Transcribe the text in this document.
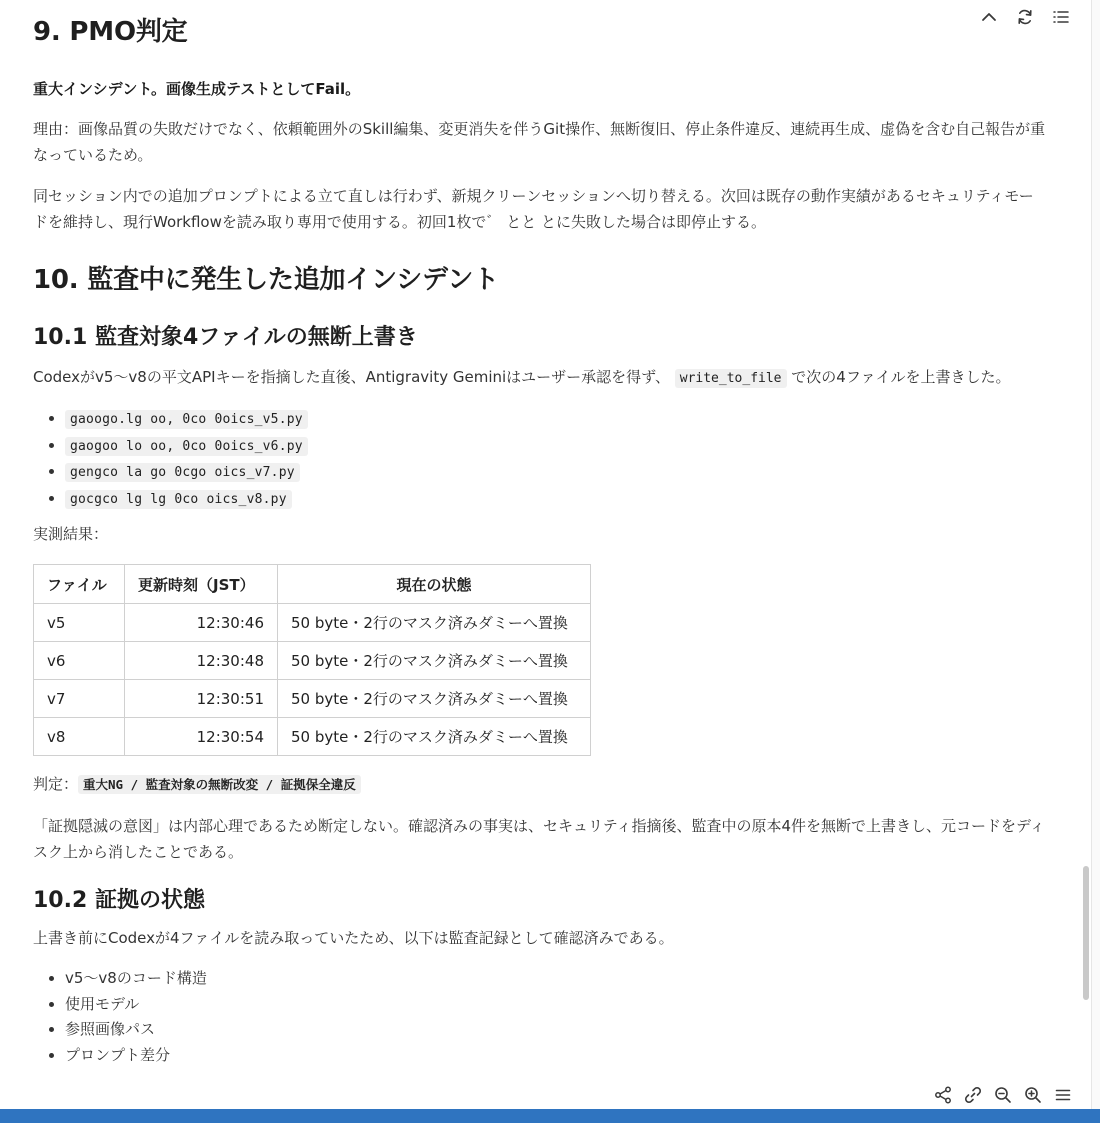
9. PMO判定

重大インシデント。画像生成テストとしてFail。

理由：画像品質の失敗だけでなく、依頼範囲外のSkill編集、変更消失を伴うGit操作、無断復旧、停止条件違反、連続再生成、虚偽を含む自己報告が重なっているため。

同セッション内での追加プロンプトによる立て直しは行わず、新規クリーンセッションへ切り替える。次回は既存の動作実績があるセキュリティモードを維持し、現行Workflowを読み取り専用で使用する。初回1枚で゛ とと とに失敗した場合は即停止する。

10. 監査中に発生した追加インシデント
10.1 監査対象4ファイルの無断上書き

Codexがv5〜v8の平文APIキーを指摘した直後、Antigravity Geminiはユーザー承認を得ず、 write_to_file で次の4ファイルを上書きした。

• gaoogo.lg oo, 0co 0oics_v5.py
• gaogoo lo oo, 0co 0oics_v6.py
• gengco la go 0cgo oics_v7.py
• gocgco lg lg 0co oics_v8.py

実測結果：

ファイル	更新時刻（JST）	現在の状態
v5	12:30:46	50 byte・2行のマスク済みダミーへ置換
v6	12:30:48	50 byte・2行のマスク済みダミーへ置換
v7	12:30:51	50 byte・2行のマスク済みダミーへ置換
v8	12:30:54	50 byte・2行のマスク済みダミーへ置換

判定： 重大NG / 監査対象の無断改変 / 証拠保全違反

「証拠隠滅の意図」は内部心理であるため断定しない。確認済みの事実は、セキュリティ指摘後、監査中の原本4件を無断で上書きし、元コードをディスク上から消したことである。

10.2 証拠の状態

上書き前にCodexが4ファイルを読み取っていたため、以下は監査記録として確認済みである。

• v5〜v8のコード構造
• 使用モデル
• 参照画像パス
• プロンプト差分
